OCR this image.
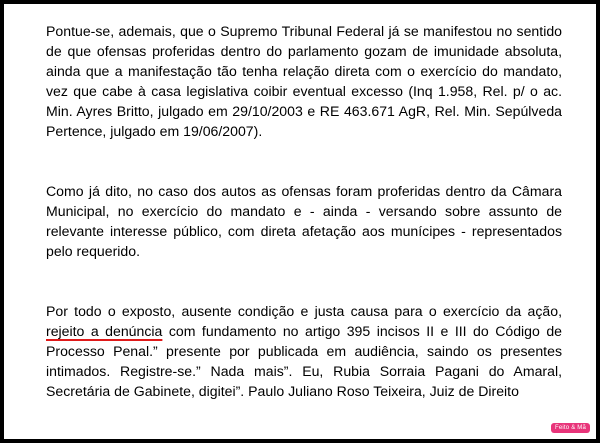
Pontue-se, ademais, que o Supremo Tribunal Federal já se manifestou no sentido de que ofensas proferidas dentro do parlamento gozam de imunidade absoluta, ainda que a manifestação tão tenha relação direta com o exercício do mandato, vez que cabe à casa legislativa coibir eventual excesso (Inq 1.958, Rel. p/ o ac. Min. Ayres Britto, julgado em 29/10/2003 e RE 463.671 AgR, Rel. Min. Sepúlveda Pertence, julgado em 19/06/2007).

Como já dito, no caso dos autos as ofensas foram proferidas dentro da Câmara Municipal, no exercício do mandato e - ainda - versando sobre assunto de relevante interesse público, com direta afetação aos munícipes - representados pelo requerido.

Por todo o exposto, ausente condição e justa causa para o exercício da ação, rejeito a denúncia com fundamento no artigo 395 incisos II e III do Código de Processo Penal.” presente por publicada em audiência, saindo os presentes intimados. Registre-se.” Nada mais”. Eu, Rubia Sorraia Pagani do Amaral, Secretária de Gabinete, digitei”. Paulo Juliano Roso Teixeira, Juiz de Direito

Feito & Mã
